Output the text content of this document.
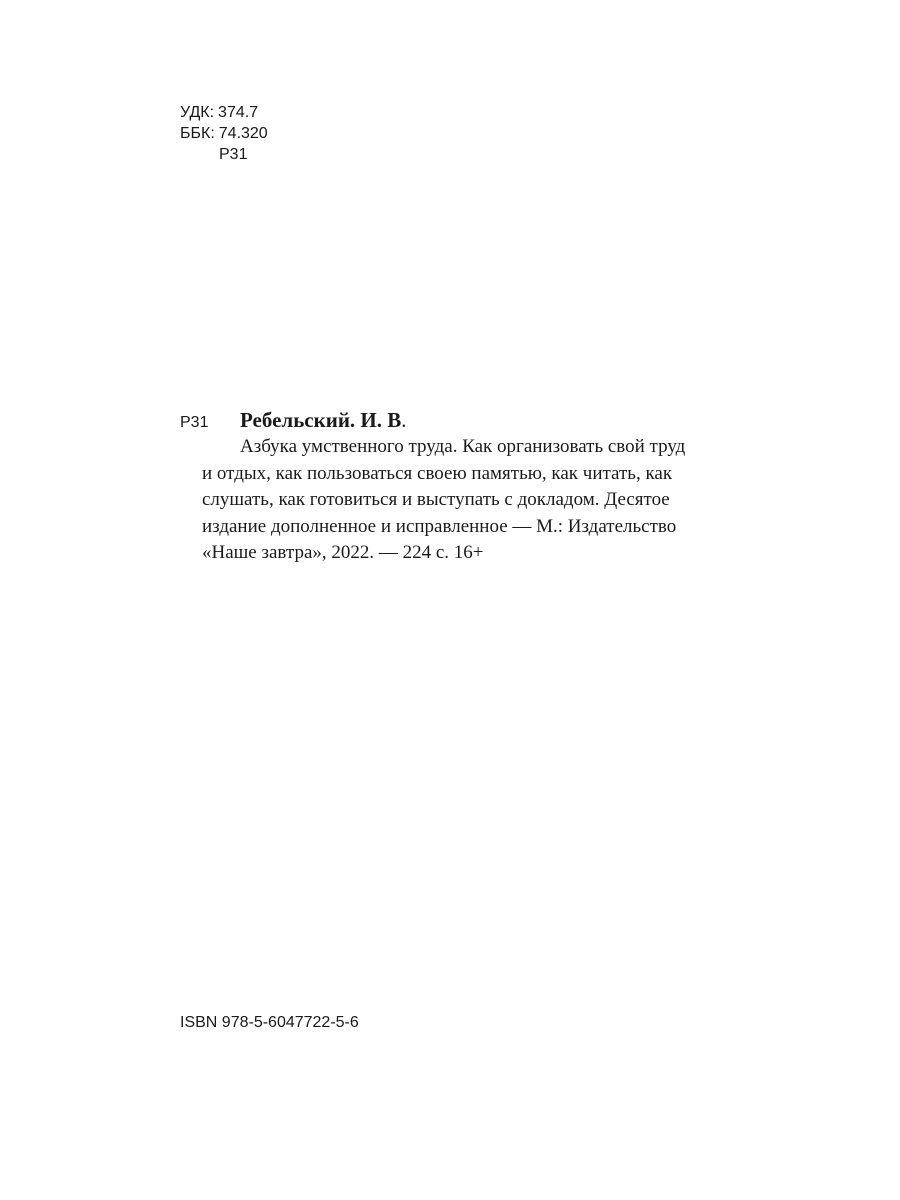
УДК: 374.7
ББК: 74.320
Р31
Р31 Ребельский. И. В.
Азбука умственного труда. Как организовать свой труд
и отдых, как пользоваться своею памятью, как читать, как
слушать, как готовиться и выступать с докладом. Десятое
издание дополненное и исправленное — М.: Издательство
«Наше завтра», 2022. — 224 с. 16+
ISBN 978-5-6047722-5-6
